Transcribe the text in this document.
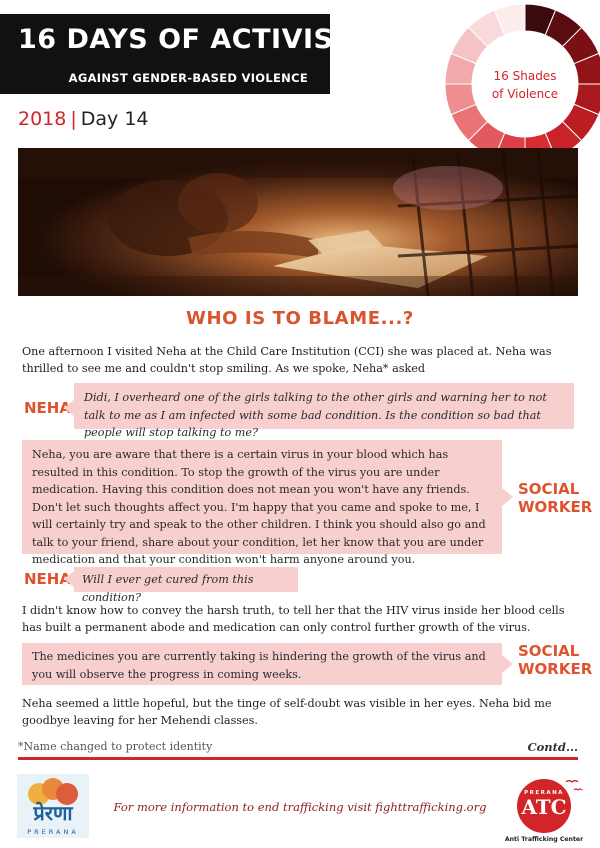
16 DAYS OF ACTIVISM
AGAINST GENDER-BASED VIOLENCE
2018 | Day 14
16 Shades
of Violence
WHO IS TO BLAME...?

One afternoon I visited Neha at the Child Care Institution (CCI) she was placed at. Neha was thrilled to see me and couldn't stop smiling. As we spoke, Neha* asked

NEHA
Didi, I overheard one of the girls talking to the other girls and warning her to not talk to me as I am infected with some bad condition. Is the condition so bad that people will stop talking to me?
Neha, you are aware that there is a certain virus in your blood which has resulted in this condition. To stop the growth of the virus you are under medication. Having this condition does not mean you won't have any friends. Don't let such thoughts affect you. I'm happy that you came and spoke to me, I will certainly try and speak to the other children. I think you should also go and talk to your friend, share about your condition, let her know that you are under medication and that your condition won't harm anyone around you.
SOCIAL
WORKER
NEHA Will I ever get cured from this condition?

I didn't know how to convey the harsh truth, to tell her that the HIV virus inside her blood cells has built a permanent abode and medication can only control further growth of the virus.

The medicines you are currently taking is hindering the growth of the virus and you will observe the progress in coming weeks.
SOCIAL
WORKER

Neha seemed a little hopeful, but the tinge of self-doubt was visible in her eyes. Neha bid me goodbye leaving for her Mehendi classes.

*Name changed to protect identity	Contd...
प्रेरणा
PRERANA
For more information to end trafficking visit fighttrafficking.org
PRERANA
ATC
Anti Trafficking Center
